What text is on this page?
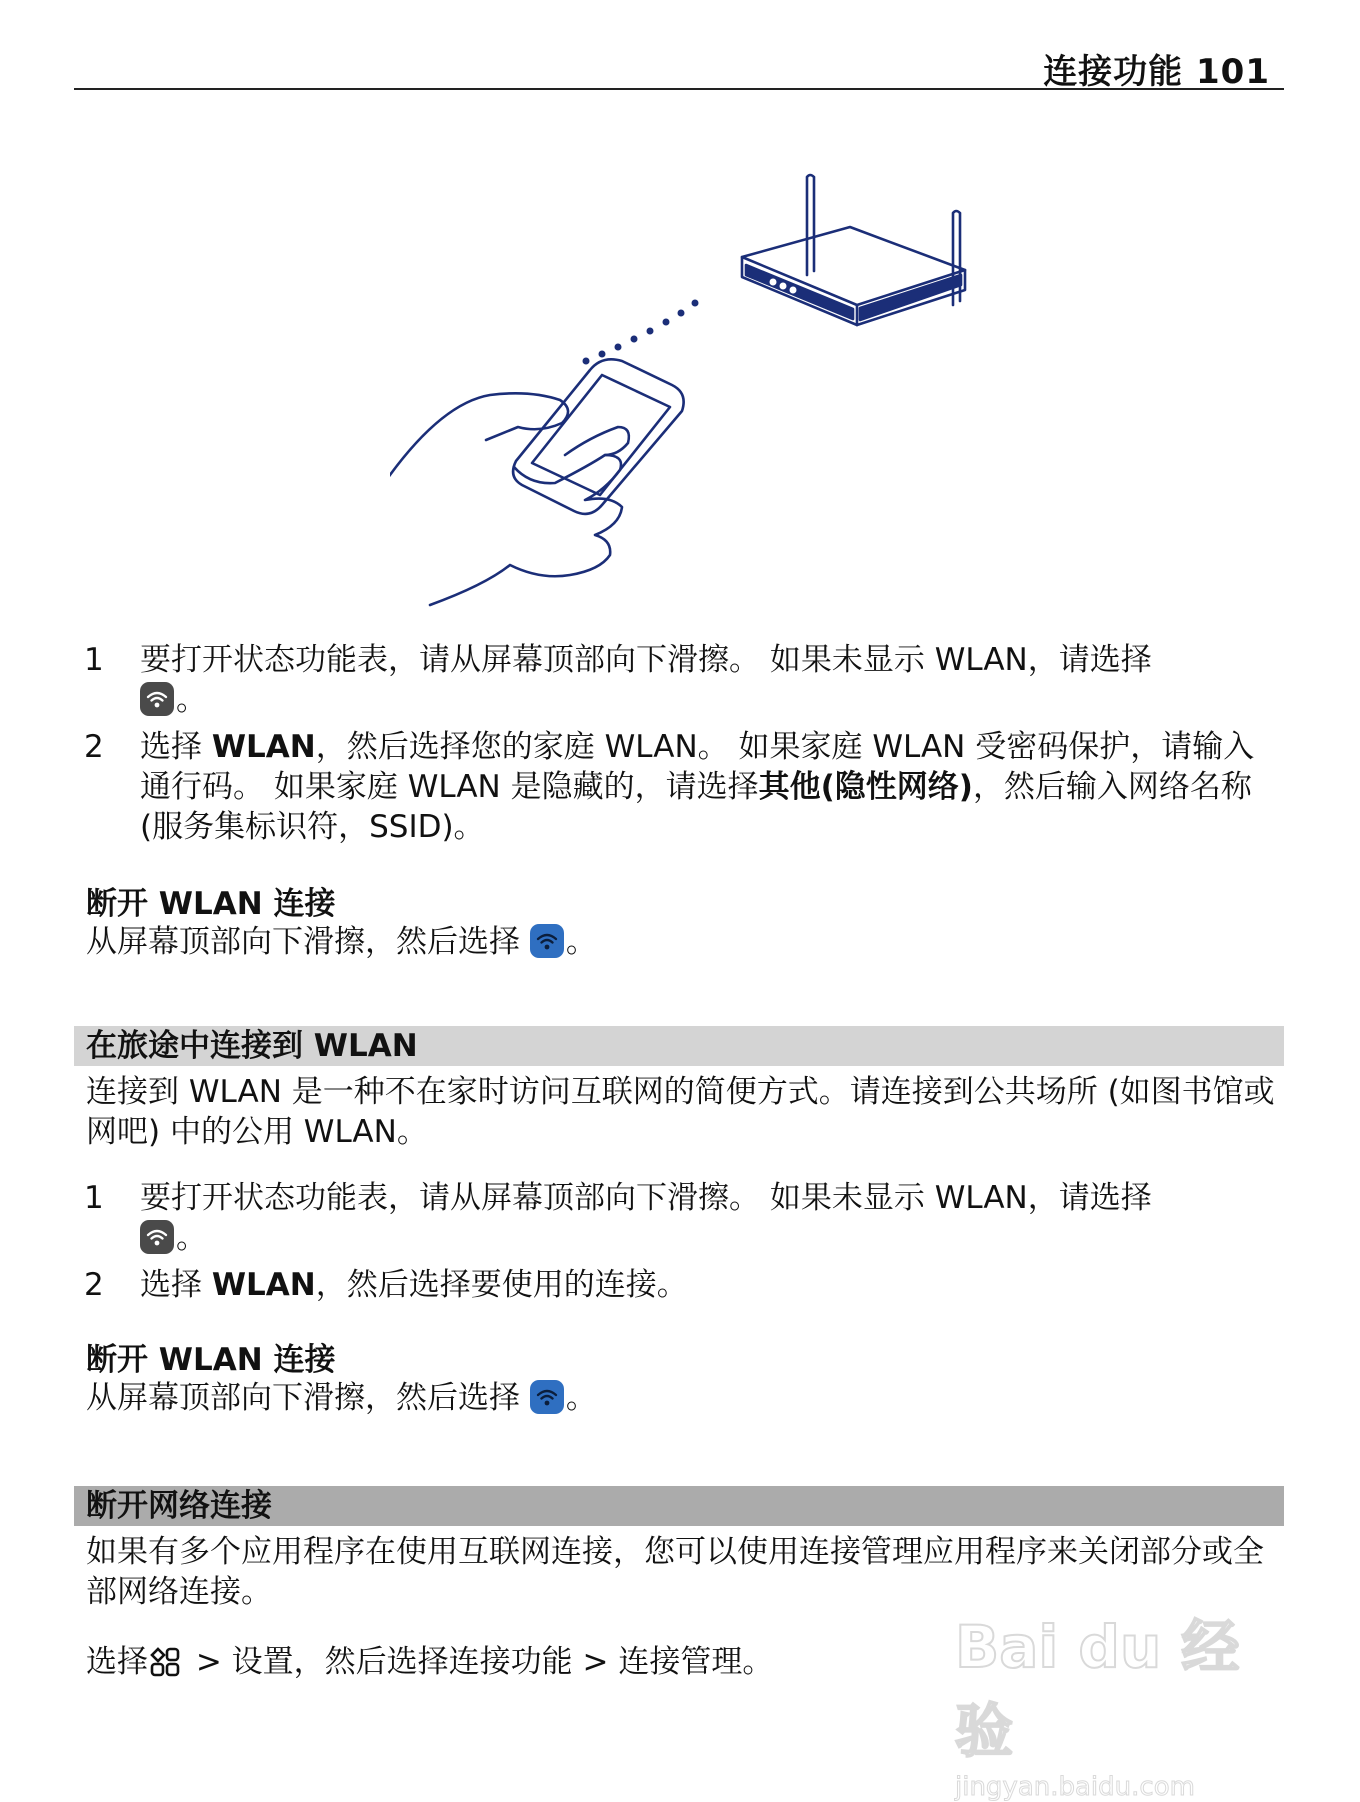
连接功能 101
1	要打开状态功能表，请从屏幕顶部向下滑擦。 如果未显示 WLAN，请选择

。
2	选择 WLAN，然后选择您的家庭 WLAN。 如果家庭 WLAN 受密码保护，请输入通行码。 如果家庭 WLAN 是隐藏的，请选择其他(隐性网络)，然后输入网络名称 (服务集标识符，SSID)。
断开 WLAN 连接
从屏幕顶部向下滑擦，然后选择
。
在旅途中连接到 WLAN
连接到 WLAN 是一种不在家时访问互联网的简便方式。请连接到公共场所 (如图书馆或网吧) 中的公用 WLAN。
1	要打开状态功能表，请从屏幕顶部向下滑擦。 如果未显示 WLAN，请选择

。
2	选择 WLAN，然后选择要使用的连接。
断开 WLAN 连接
从屏幕顶部向下滑擦，然后选择
。
断开网络连接
如果有多个应用程序在使用互联网连接，您可以使用连接管理应用程序来关闭部分或全部网络连接。
选择 > 设置，然后选择连接功能 > 连接管理。	Bai du 经验
jingyan.baidu.com
